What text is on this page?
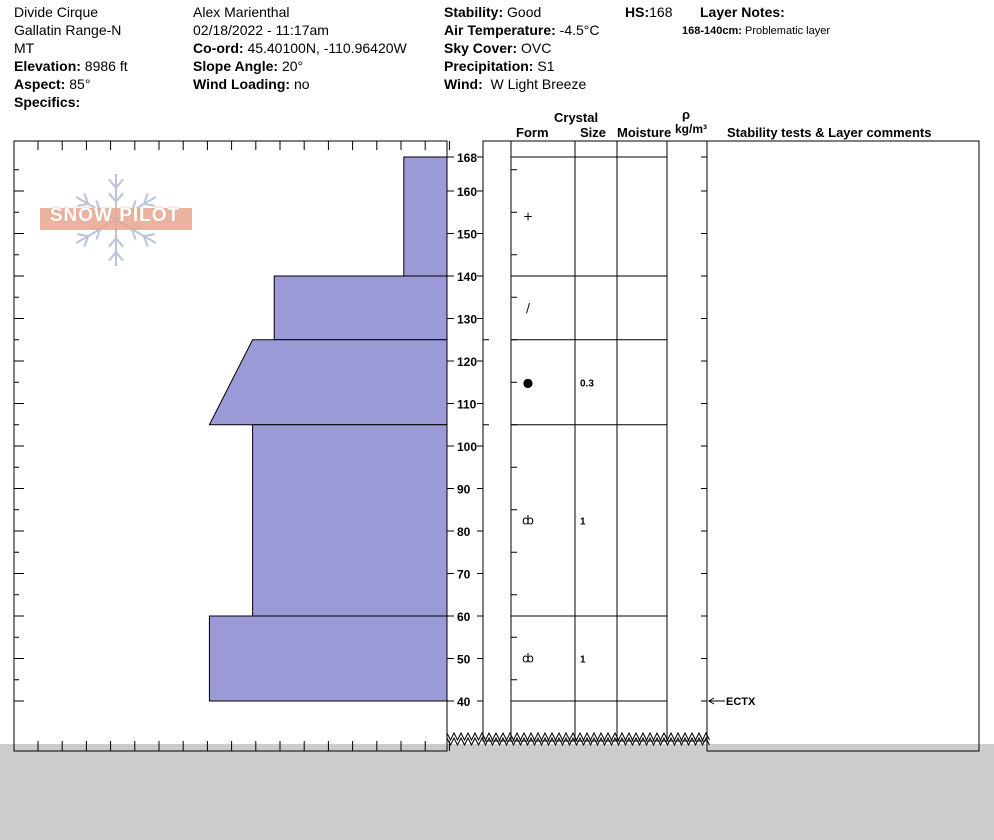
Divide Cirque
Gallatin Range-N
MT
Elevation: 8986 ft
Aspect: 85°
Specifics:
Alex Marienthal
02/18/2022 - 11:17am
Co-ord: 45.40100N, -110.96420W
Slope Angle: 20°
Wind Loading: no
Stability: Good
Air Temperature: -4.5°C
Sky Cover: OVC
Precipitation: S1
Wind: W Light Breeze
HS:168 Layer Notes:
168-140cm: Problematic layer
Crystal
Form Size Moisture
ρ
kg/m³ Stability tests & Layer comments
40
50
60
70
80
90
100
110
120
130
140
150
160
168
+
/
●	0.3
ȸ	1
ȸ	1
ECTX
SNOW PILOT
